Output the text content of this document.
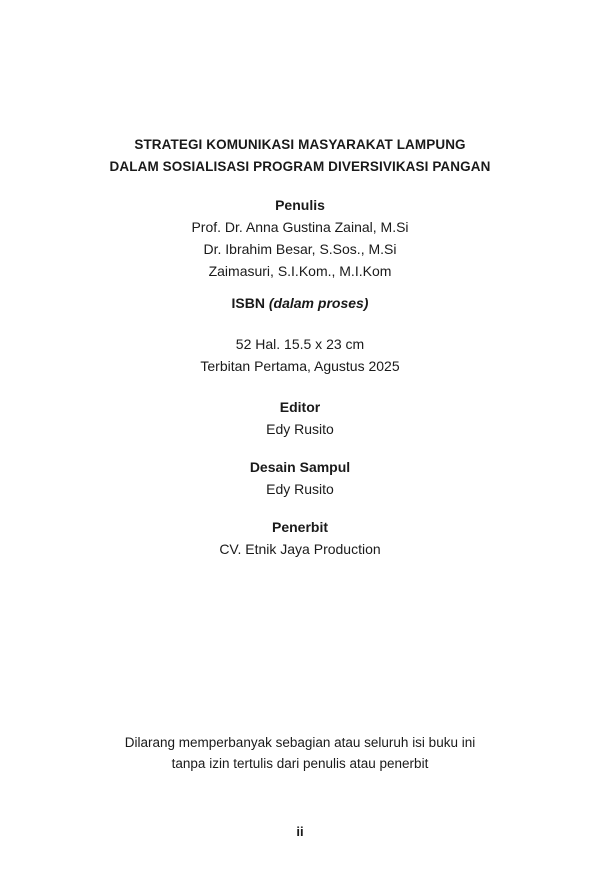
STRATEGI KOMUNIKASI MASYARAKAT LAMPUNG
DALAM SOSIALISASI PROGRAM DIVERSIVIKASI PANGAN
Penulis
Prof. Dr. Anna Gustina Zainal, M.Si
Dr. Ibrahim Besar, S.Sos., M.Si
Zaimasuri, S.I.Kom., M.I.Kom
ISBN (dalam proses)
52 Hal. 15.5 x 23 cm
Terbitan Pertama, Agustus 2025
Editor
Edy Rusito
Desain Sampul
Edy Rusito
Penerbit
CV. Etnik Jaya Production
Dilarang memperbanyak sebagian atau seluruh isi buku ini
tanpa izin tertulis dari penulis atau penerbit
ii
